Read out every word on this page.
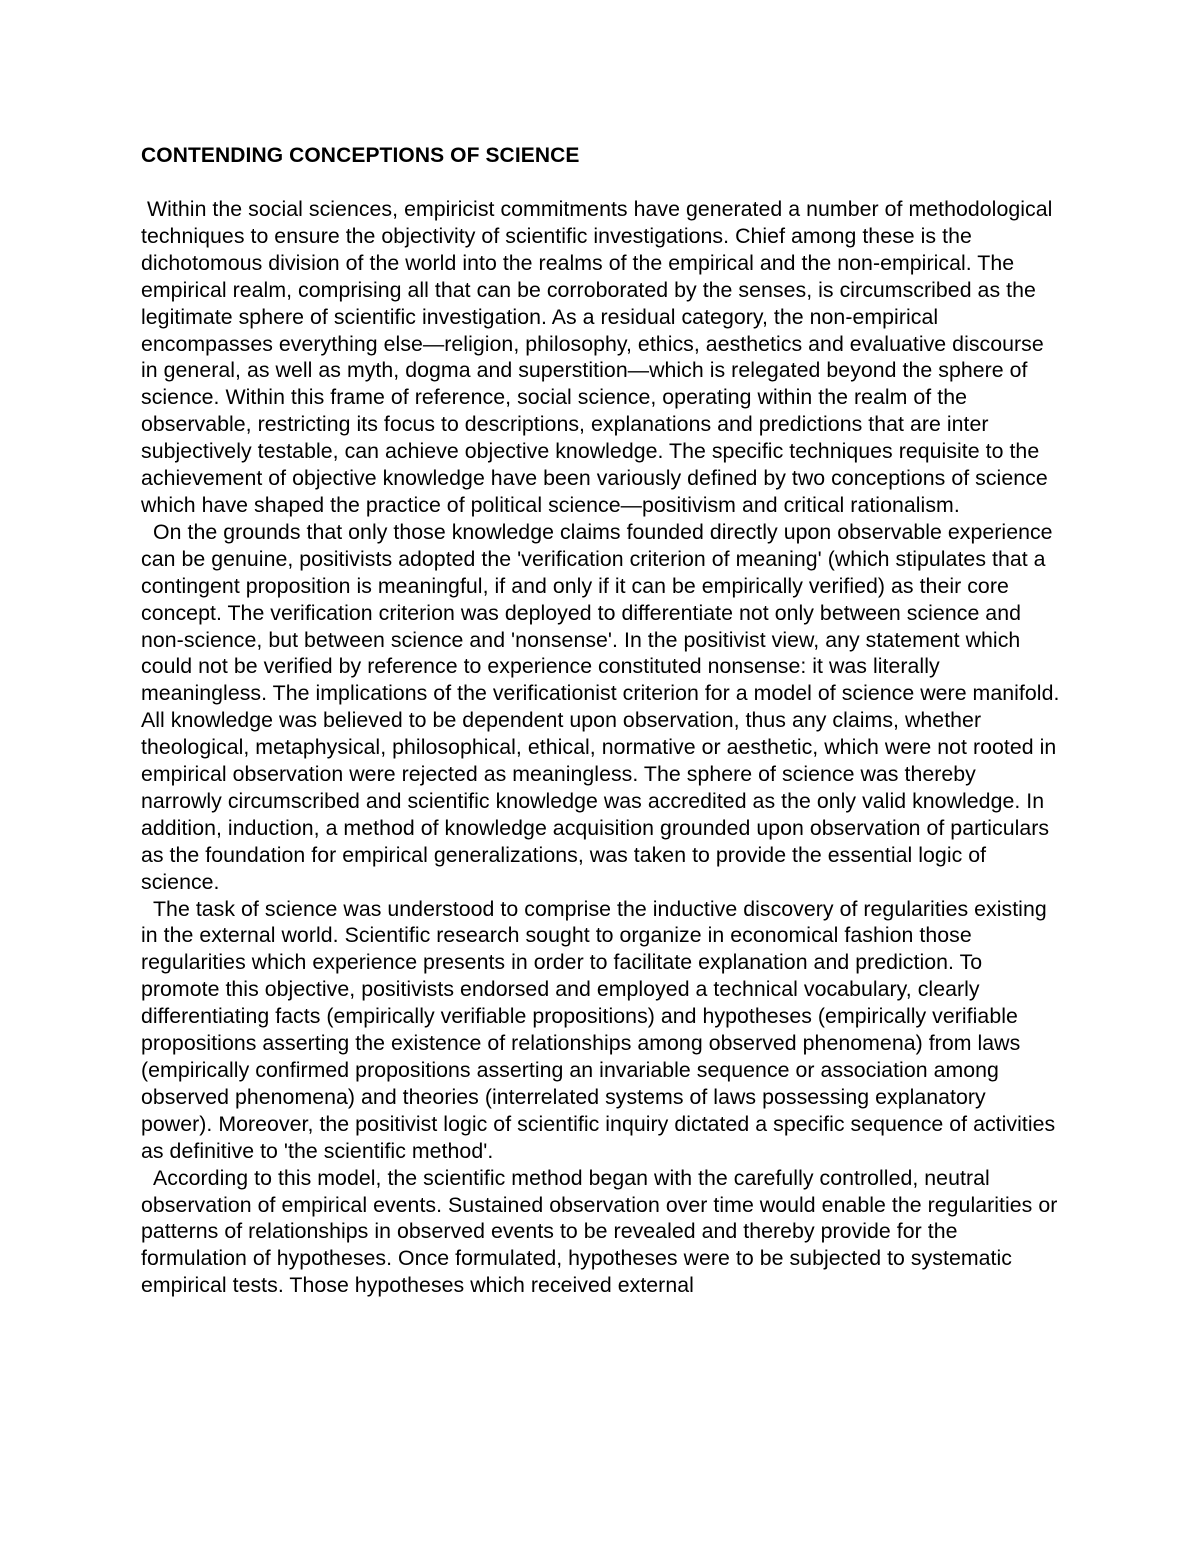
CONTENDING CONCEPTIONS OF SCIENCE

Within the social sciences, empiricist commitments have generated a number of methodological techniques to ensure the objectivity of scientific investigations. Chief among these is the dichotomous division of the world into the realms of the empirical and the non-empirical. The empirical realm, comprising all that can be corroborated by the senses, is circumscribed as the legitimate sphere of scientific investigation. As a residual category, the non-empirical encompasses everything else—religion, philosophy, ethics, aesthetics and evaluative discourse in general, as well as myth, dogma and superstition—which is relegated beyond the sphere of science. Within this frame of reference, social science, operating within the realm of the observable, restricting its focus to descriptions, explanations and predictions that are inter subjectively testable, can achieve objective knowledge. The specific techniques requisite to the achievement of objective knowledge have been variously defined by two conceptions of science which have shaped the practice of political science—positivism and critical rationalism.

On the grounds that only those knowledge claims founded directly upon observable experience can be genuine, positivists adopted the 'verification criterion of meaning' (which stipulates that a contingent proposition is meaningful, if and only if it can be empirically verified) as their core concept. The verification criterion was deployed to differentiate not only between science and non-science, but between science and 'nonsense'. In the positivist view, any statement which could not be verified by reference to experience constituted nonsense: it was literally meaningless. The implications of the verificationist criterion for a model of science were manifold. All knowledge was believed to be dependent upon observation, thus any claims, whether theological, metaphysical, philosophical, ethical, normative or aesthetic, which were not rooted in empirical observation were rejected as meaningless. The sphere of science was thereby narrowly circumscribed and scientific knowledge was accredited as the only valid knowledge. In addition, induction, a method of knowledge acquisition grounded upon observation of particulars as the foundation for empirical generalizations, was taken to provide the essential logic of science.

The task of science was understood to comprise the inductive discovery of regularities existing in the external world. Scientific research sought to organize in economical fashion those regularities which experience presents in order to facilitate explanation and prediction. To promote this objective, positivists endorsed and employed a technical vocabulary, clearly differentiating facts (empirically verifiable propositions) and hypotheses (empirically verifiable propositions asserting the existence of relationships among observed phenomena) from laws (empirically confirmed propositions asserting an invariable sequence or association among observed phenomena) and theories (interrelated systems of laws possessing explanatory power). Moreover, the positivist logic of scientific inquiry dictated a specific sequence of activities as definitive to 'the scientific method'.

According to this model, the scientific method began with the carefully controlled, neutral observation of empirical events. Sustained observation over time would enable the regularities or patterns of relationships in observed events to be revealed and thereby provide for the formulation of hypotheses. Once formulated, hypotheses were to be subjected to systematic empirical tests. Those hypotheses which received external
